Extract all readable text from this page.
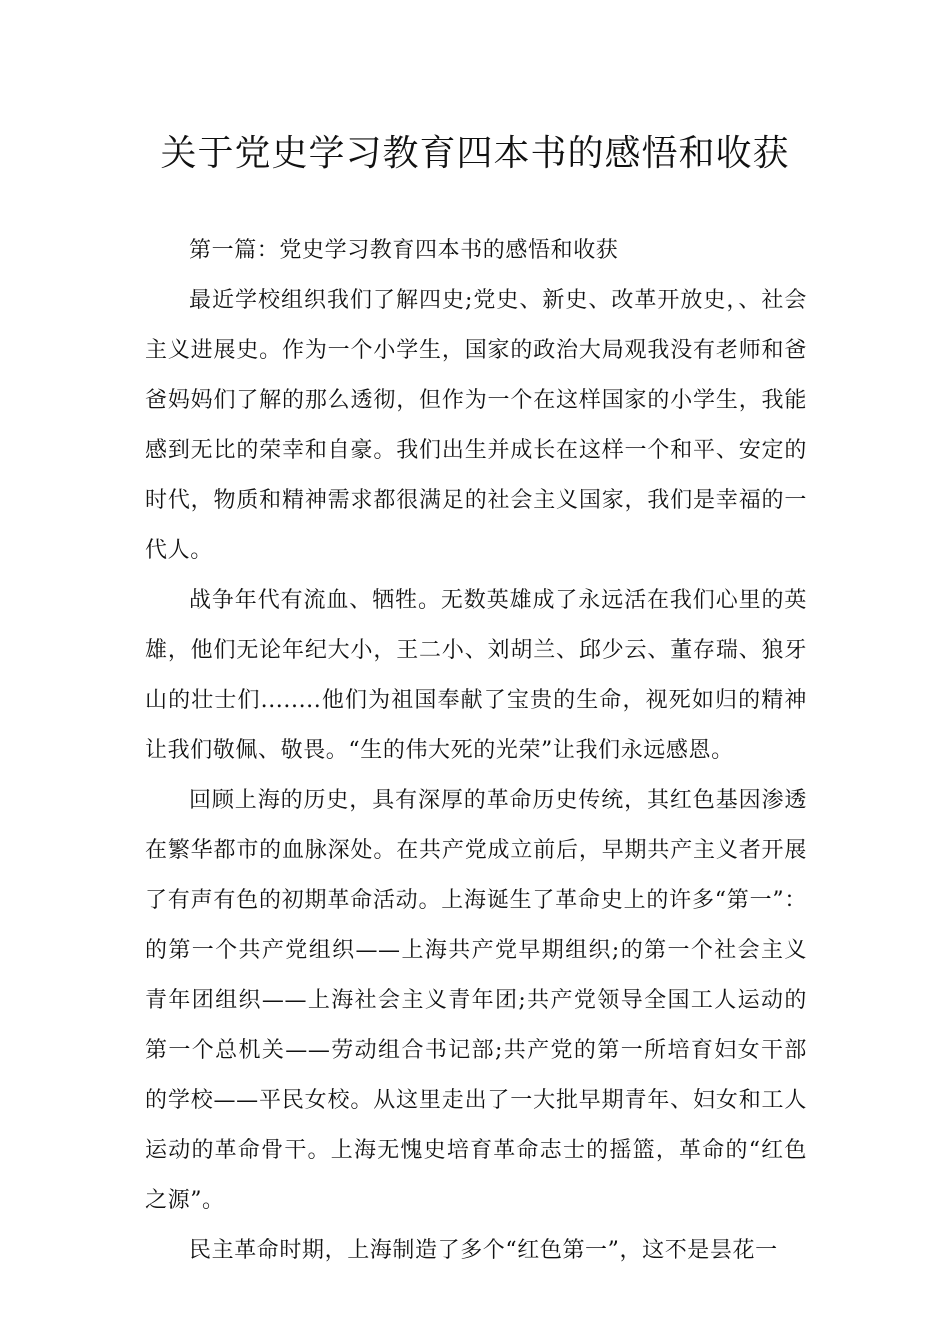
关于党史学习教育四本书的感悟和收获

第一篇：党史学习教育四本书的感悟和收获

最近学校组织我们了解四史;党史、新史、改革开放史，、社会主义进展史。作为一个小学生，国家的政治大局观我没有老师和爸爸妈妈们了解的那么透彻，但作为一个在这样国家的小学生，我能感到无比的荣幸和自豪。我们出生并成长在这样一个和平、安定的时代，物质和精神需求都很满足的社会主义国家，我们是幸福的一代人。

战争年代有流血、牺牲。无数英雄成了永远活在我们心里的英雄，他们无论年纪大小，王二小、刘胡兰、邱少云、董存瑞、狼牙山的壮士们........他们为祖国奉献了宝贵的生命，视死如归的精神让我们敬佩、敬畏。“生的伟大死的光荣”让我们永远感恩。

回顾上海的历史，具有深厚的革命历史传统，其红色基因渗透在繁华都市的血脉深处。在共产党成立前后，早期共产主义者开展了有声有色的初期革命活动。上海诞生了革命史上的许多“第一”：的第一个共产党组织——上海共产党早期组织;的第一个社会主义青年团组织——上海社会主义青年团;共产党领导全国工人运动的第一个总机关——劳动组合书记部;共产党的第一所培育妇女干部的学校——平民女校。从这里走出了一大批早期青年、妇女和工人运动的革命骨干。上海无愧史培育革命志士的摇篮，革命的“红色之源”。

民主革命时期，上海制造了多个“红色第一”，这不是昙花一
